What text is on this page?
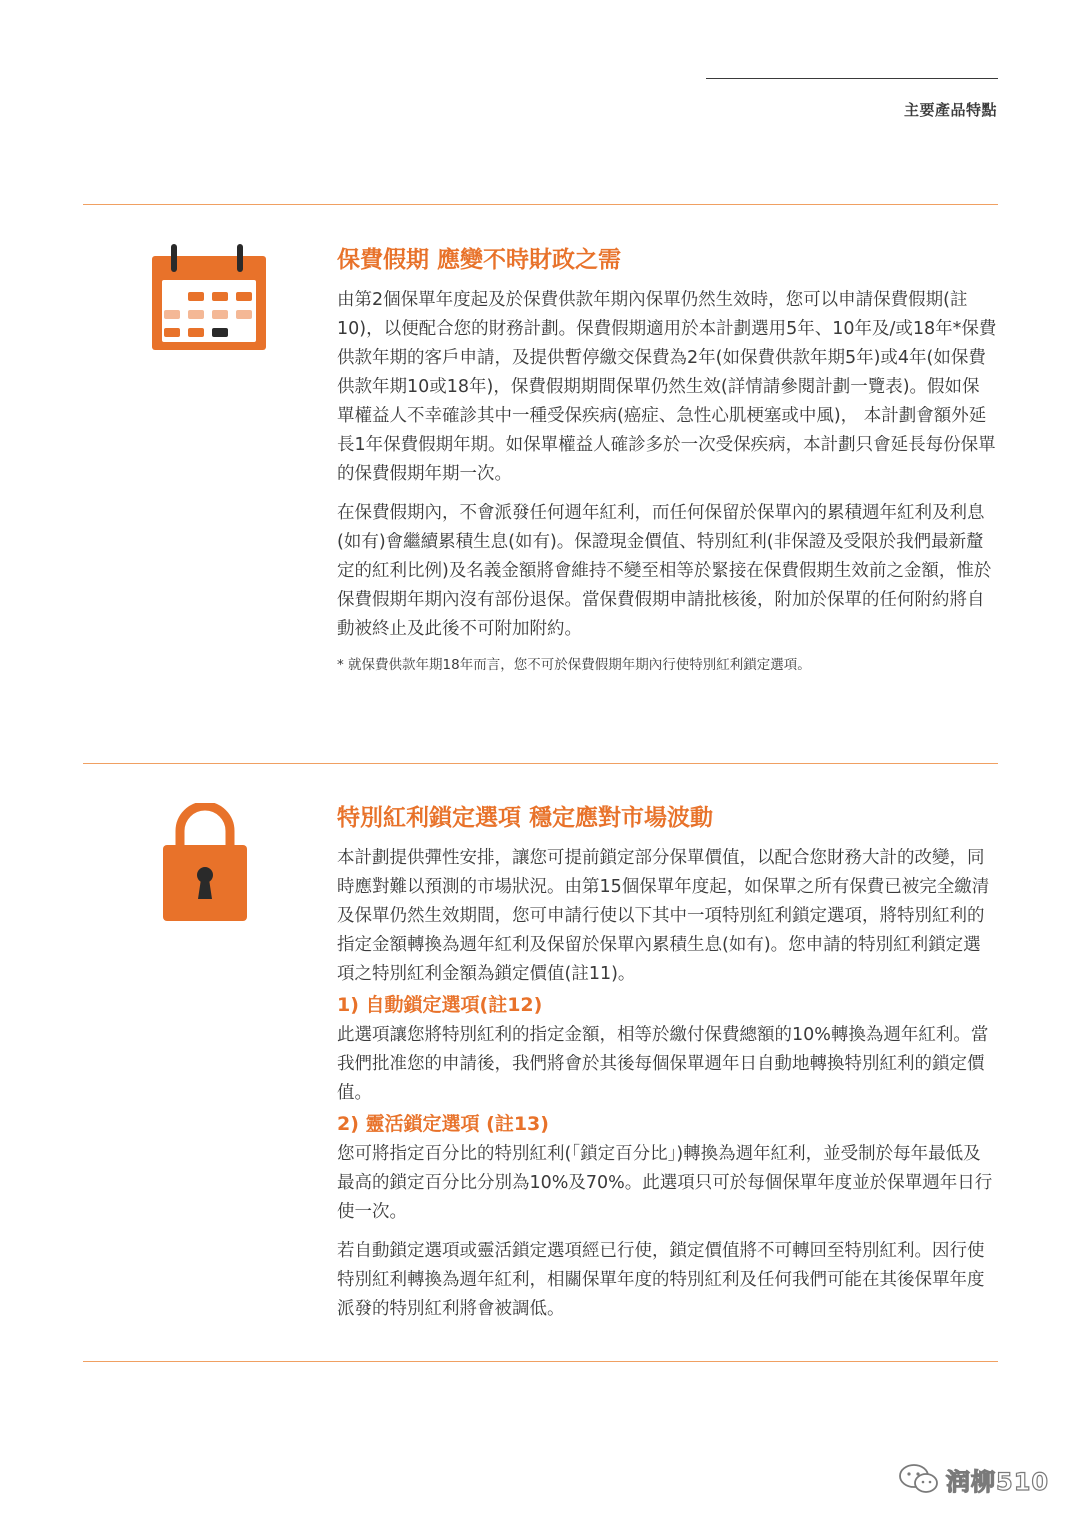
主要產品特點
保費假期 應變不時財政之需

由第2個保單年度起及於保費供款年期內保單仍然生效時，您可以申請保費假期(註10)，以便配合您的財務計劃。保費假期適用於本計劃選用5年、10年及/或18年*保費供款年期的客戶申請，及提供暫停繳交保費為2年(如保費供款年期5年)或4年(如保費供款年期10或18年)，保費假期期間保單仍然生效(詳情請參閱計劃一覽表)。假如保單權益人不幸確診其中一種受保疾病(癌症、急性心肌梗塞或中風)， 本計劃會額外延長1年保費假期年期。如保單權益人確診多於一次受保疾病，本計劃只會延長每份保單的保費假期年期一次。

在保費假期內，不會派發任何週年紅利，而任何保留於保單內的累積週年紅利及利息(如有)會繼續累積生息(如有)。保證現金價值、特別紅利(非保證及受限於我們最新釐定的紅利比例)及名義金額將會維持不變至相等於緊接在保費假期生效前之金額，惟於保費假期年期內沒有部份退保。當保費假期申請批核後，附加於保單的任何附約將自動被終止及此後不可附加附約。

* 就保費供款年期18年而言，您不可於保費假期年期內行使特別紅利鎖定選項。

特別紅利鎖定選項 穩定應對市場波動

本計劃提供彈性安排，讓您可提前鎖定部分保單價值，以配合您財務大計的改變，同時應對難以預測的市場狀況。由第15個保單年度起，如保單之所有保費已被完全繳清及保單仍然生效期間，您可申請行使以下其中一項特別紅利鎖定選項，將特別紅利的指定金額轉換為週年紅利及保留於保單內累積生息(如有)。您申請的特別紅利鎖定選項之特別紅利金額為鎖定價值(註11)。

1) 自動鎖定選項(註12)

此選項讓您將特別紅利的指定金額，相等於繳付保費總額的10%轉換為週年紅利。當我們批准您的申請後，我們將會於其後每個保單週年日自動地轉換特別紅利的鎖定價值。

2) 靈活鎖定選項 (註13)

您可將指定百分比的特別紅利(「鎖定百分比」)轉換為週年紅利，並受制於每年最低及最高的鎖定百分比分別為10%及70%。此選項只可於每個保單年度並於保單週年日行使一次。

若自動鎖定選項或靈活鎖定選項經已行使，鎖定價值將不可轉回至特別紅利。因行使特別紅利轉換為週年紅利，相關保單年度的特別紅利及任何我們可能在其後保單年度派發的特別紅利將會被調低。

润柳510
